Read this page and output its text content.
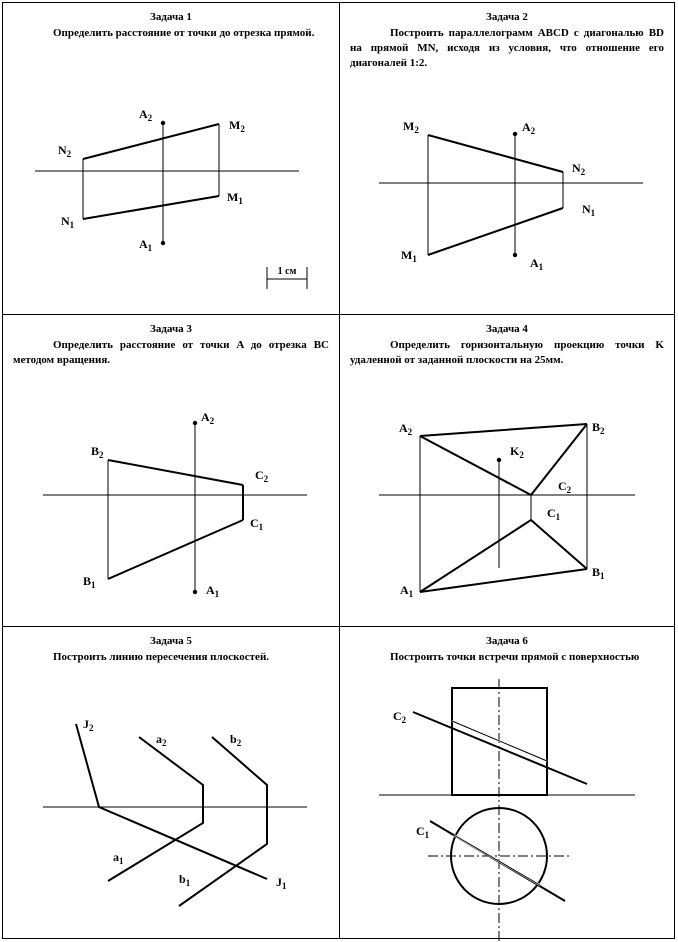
Задача 1
Определить расстояние от точки до отрезка прямой.
$A_2$	$M_2$
$N_2$
$M_1$
$N_1$
$A_1$
1 см
Задача 2
Построить параллелограмм ABCD с диагональю BD на прямой MN, исходя из условия, что отношение его диагоналей 1:2.
$M_2$	$A_2$
$N_2$
$N_1$
$M_1$	$A_1$
Задача 3
Определить расстояние от точки A до отрезка BC методом вращения.
$A_2$
$B_2$
$C_2$
$C_1$
$B_1$	$A_1$
Задача 4
Определить горизонтальную проекцию точки K удаленной от заданной плоскости на 25мм.
$A_2$	$B_2$
$K_2$
$C_2$
$C_1$
$B_1$
$A_1$
Задача 5
Построить линию пересечения плоскостей.
$J_2$
$a_2$	$b_2$
$a_1$
$b_1$	$J_1$
Задача 6
Построить точки встречи прямой с поверхностью
$C_2$
$C_1$
